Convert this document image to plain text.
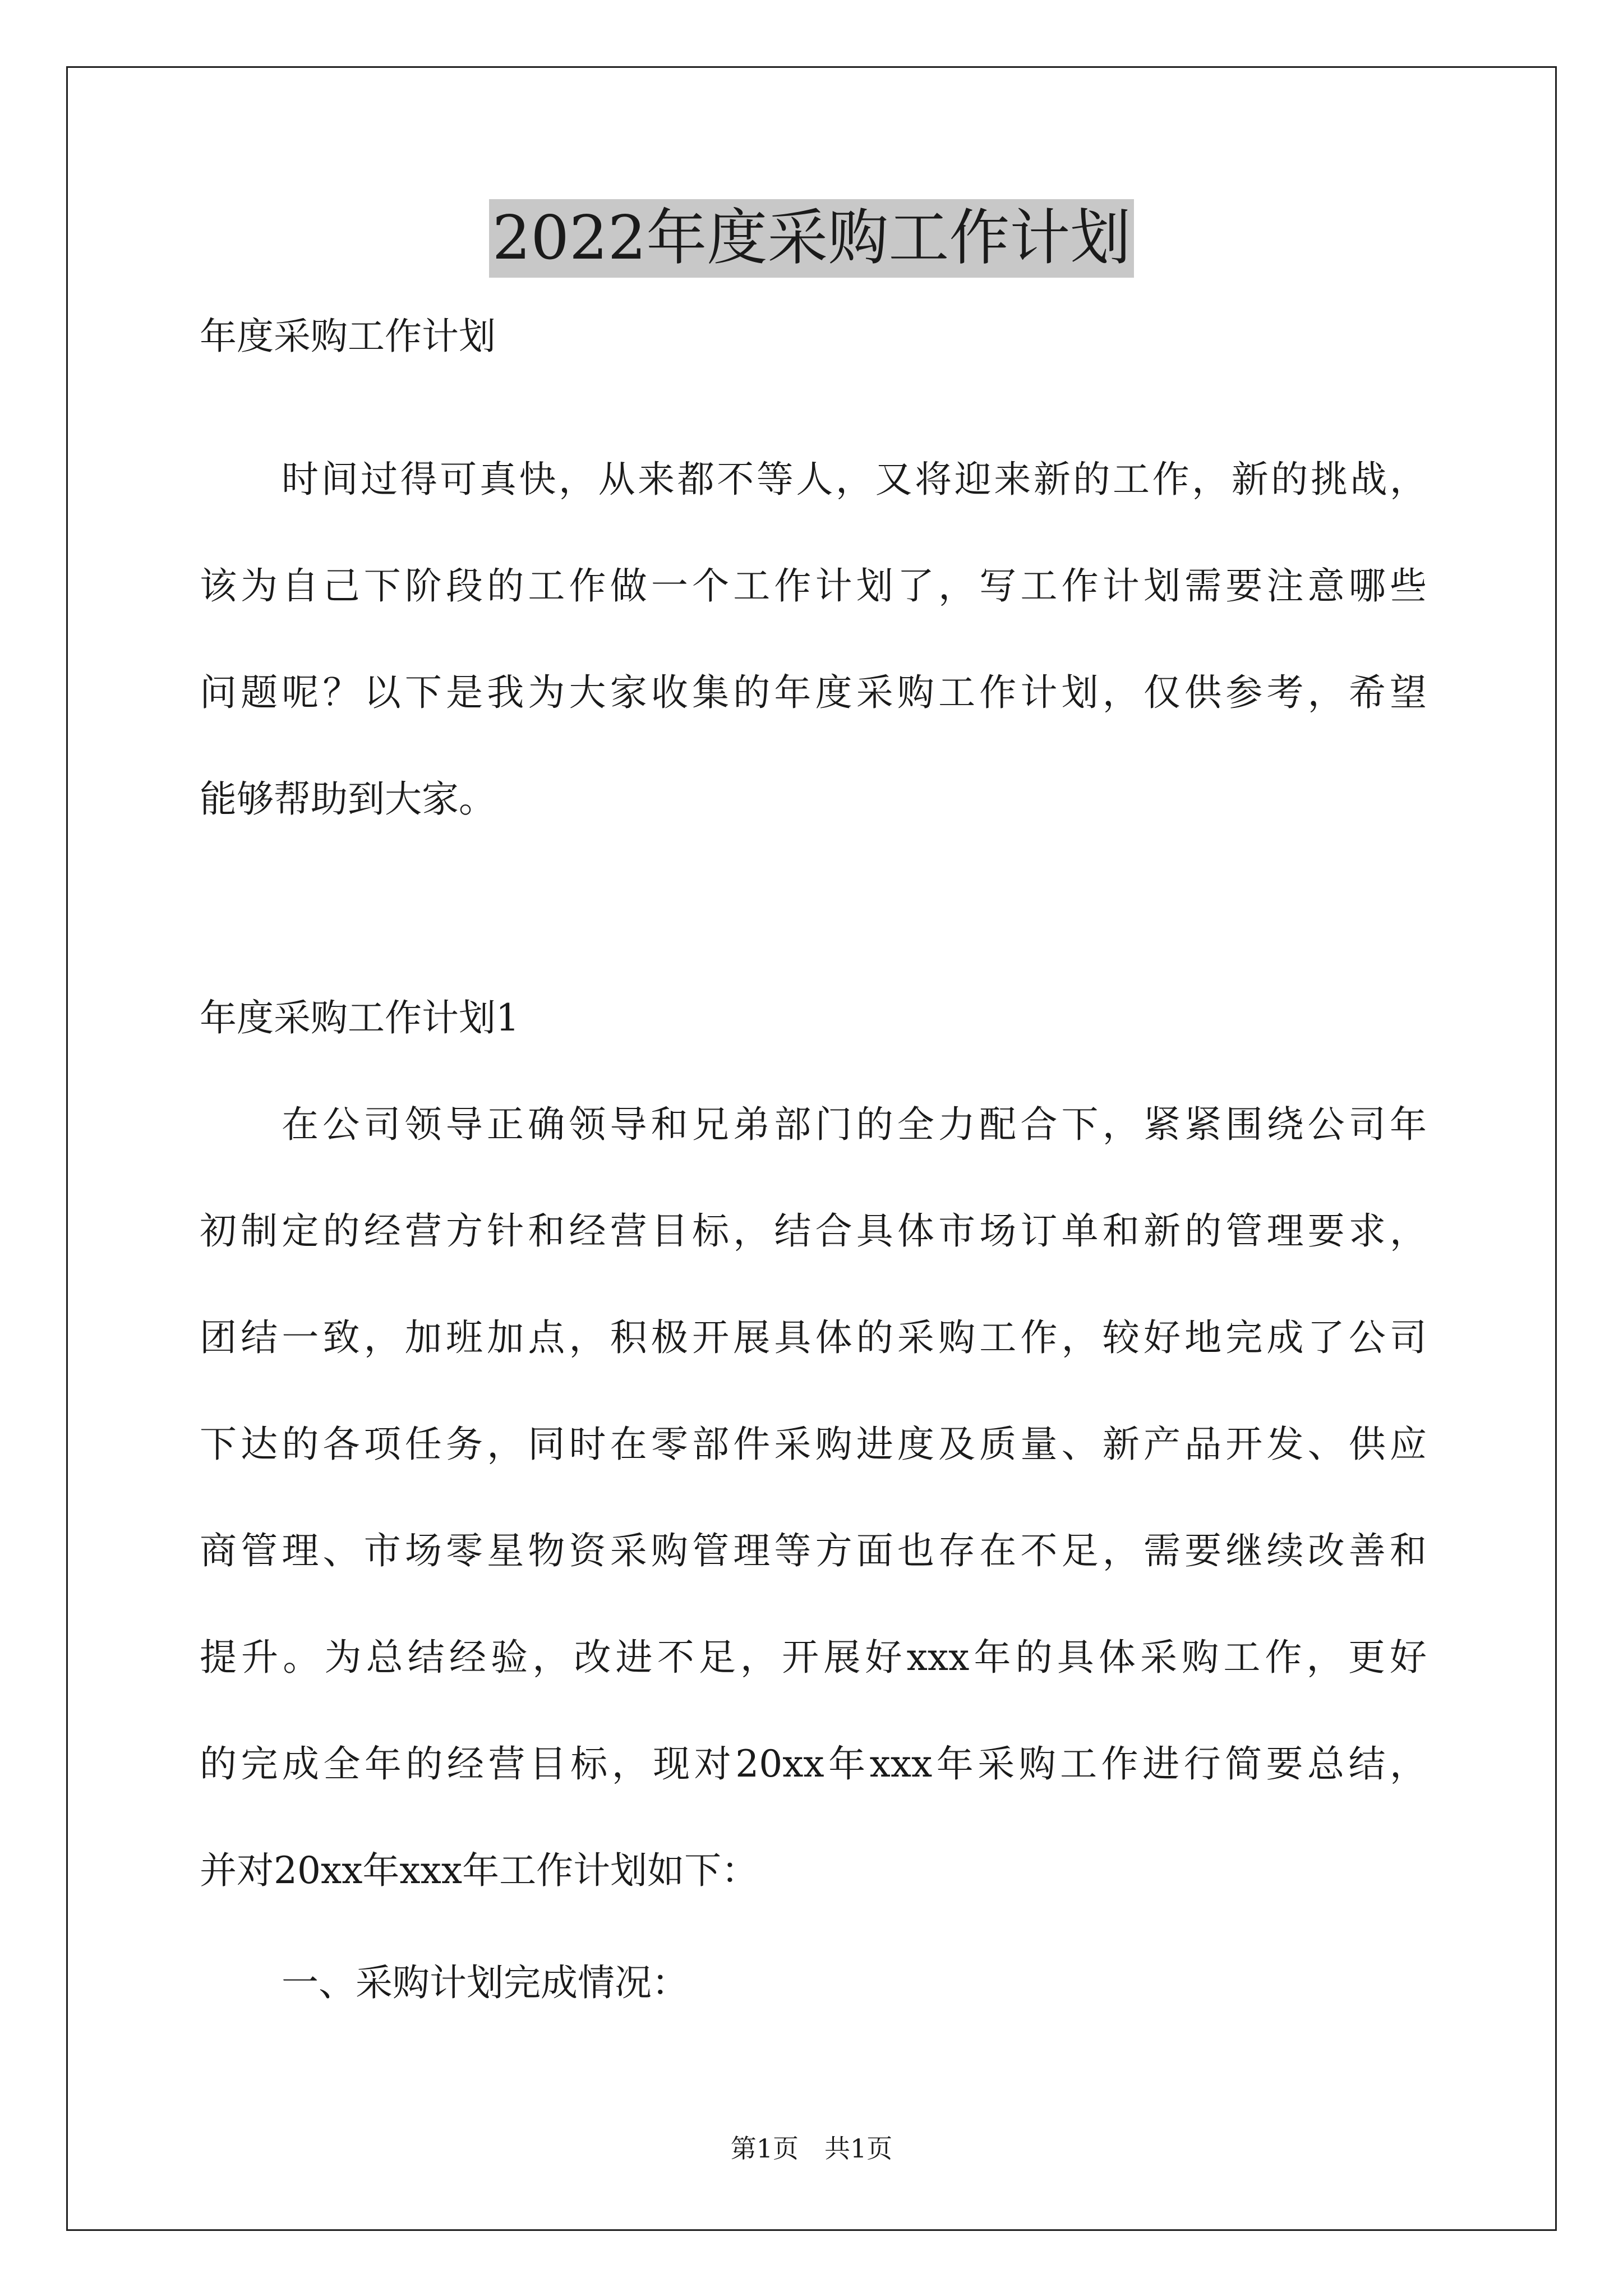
2022年度采购工作计划
年度采购工作计划
时间过得可真快，从来都不等人，又将迎来新的工作，新的挑战，
该为自己下阶段的工作做一个工作计划了，写工作计划需要注意哪些
问题呢？以下是我为大家收集的年度采购工作计划，仅供参考，希望
能够帮助到大家。
年度采购工作计划1
在公司领导正确领导和兄弟部门的全力配合下，紧紧围绕公司年
初制定的经营方针和经营目标，结合具体市场订单和新的管理要求，
团结一致，加班加点，积极开展具体的采购工作，较好地完成了公司
下达的各项任务，同时在零部件采购进度及质量、新产品开发、供应
商管理、市场零星物资采购管理等方面也存在不足，需要继续改善和
提升。为总结经验，改进不足，开展好xxx年的具体采购工作，更好
的完成全年的经营目标，现对20xx年xxx年采购工作进行简要总结，
并对20xx年xxx年工作计划如下：
一、采购计划完成情况：
第1页　共1页
